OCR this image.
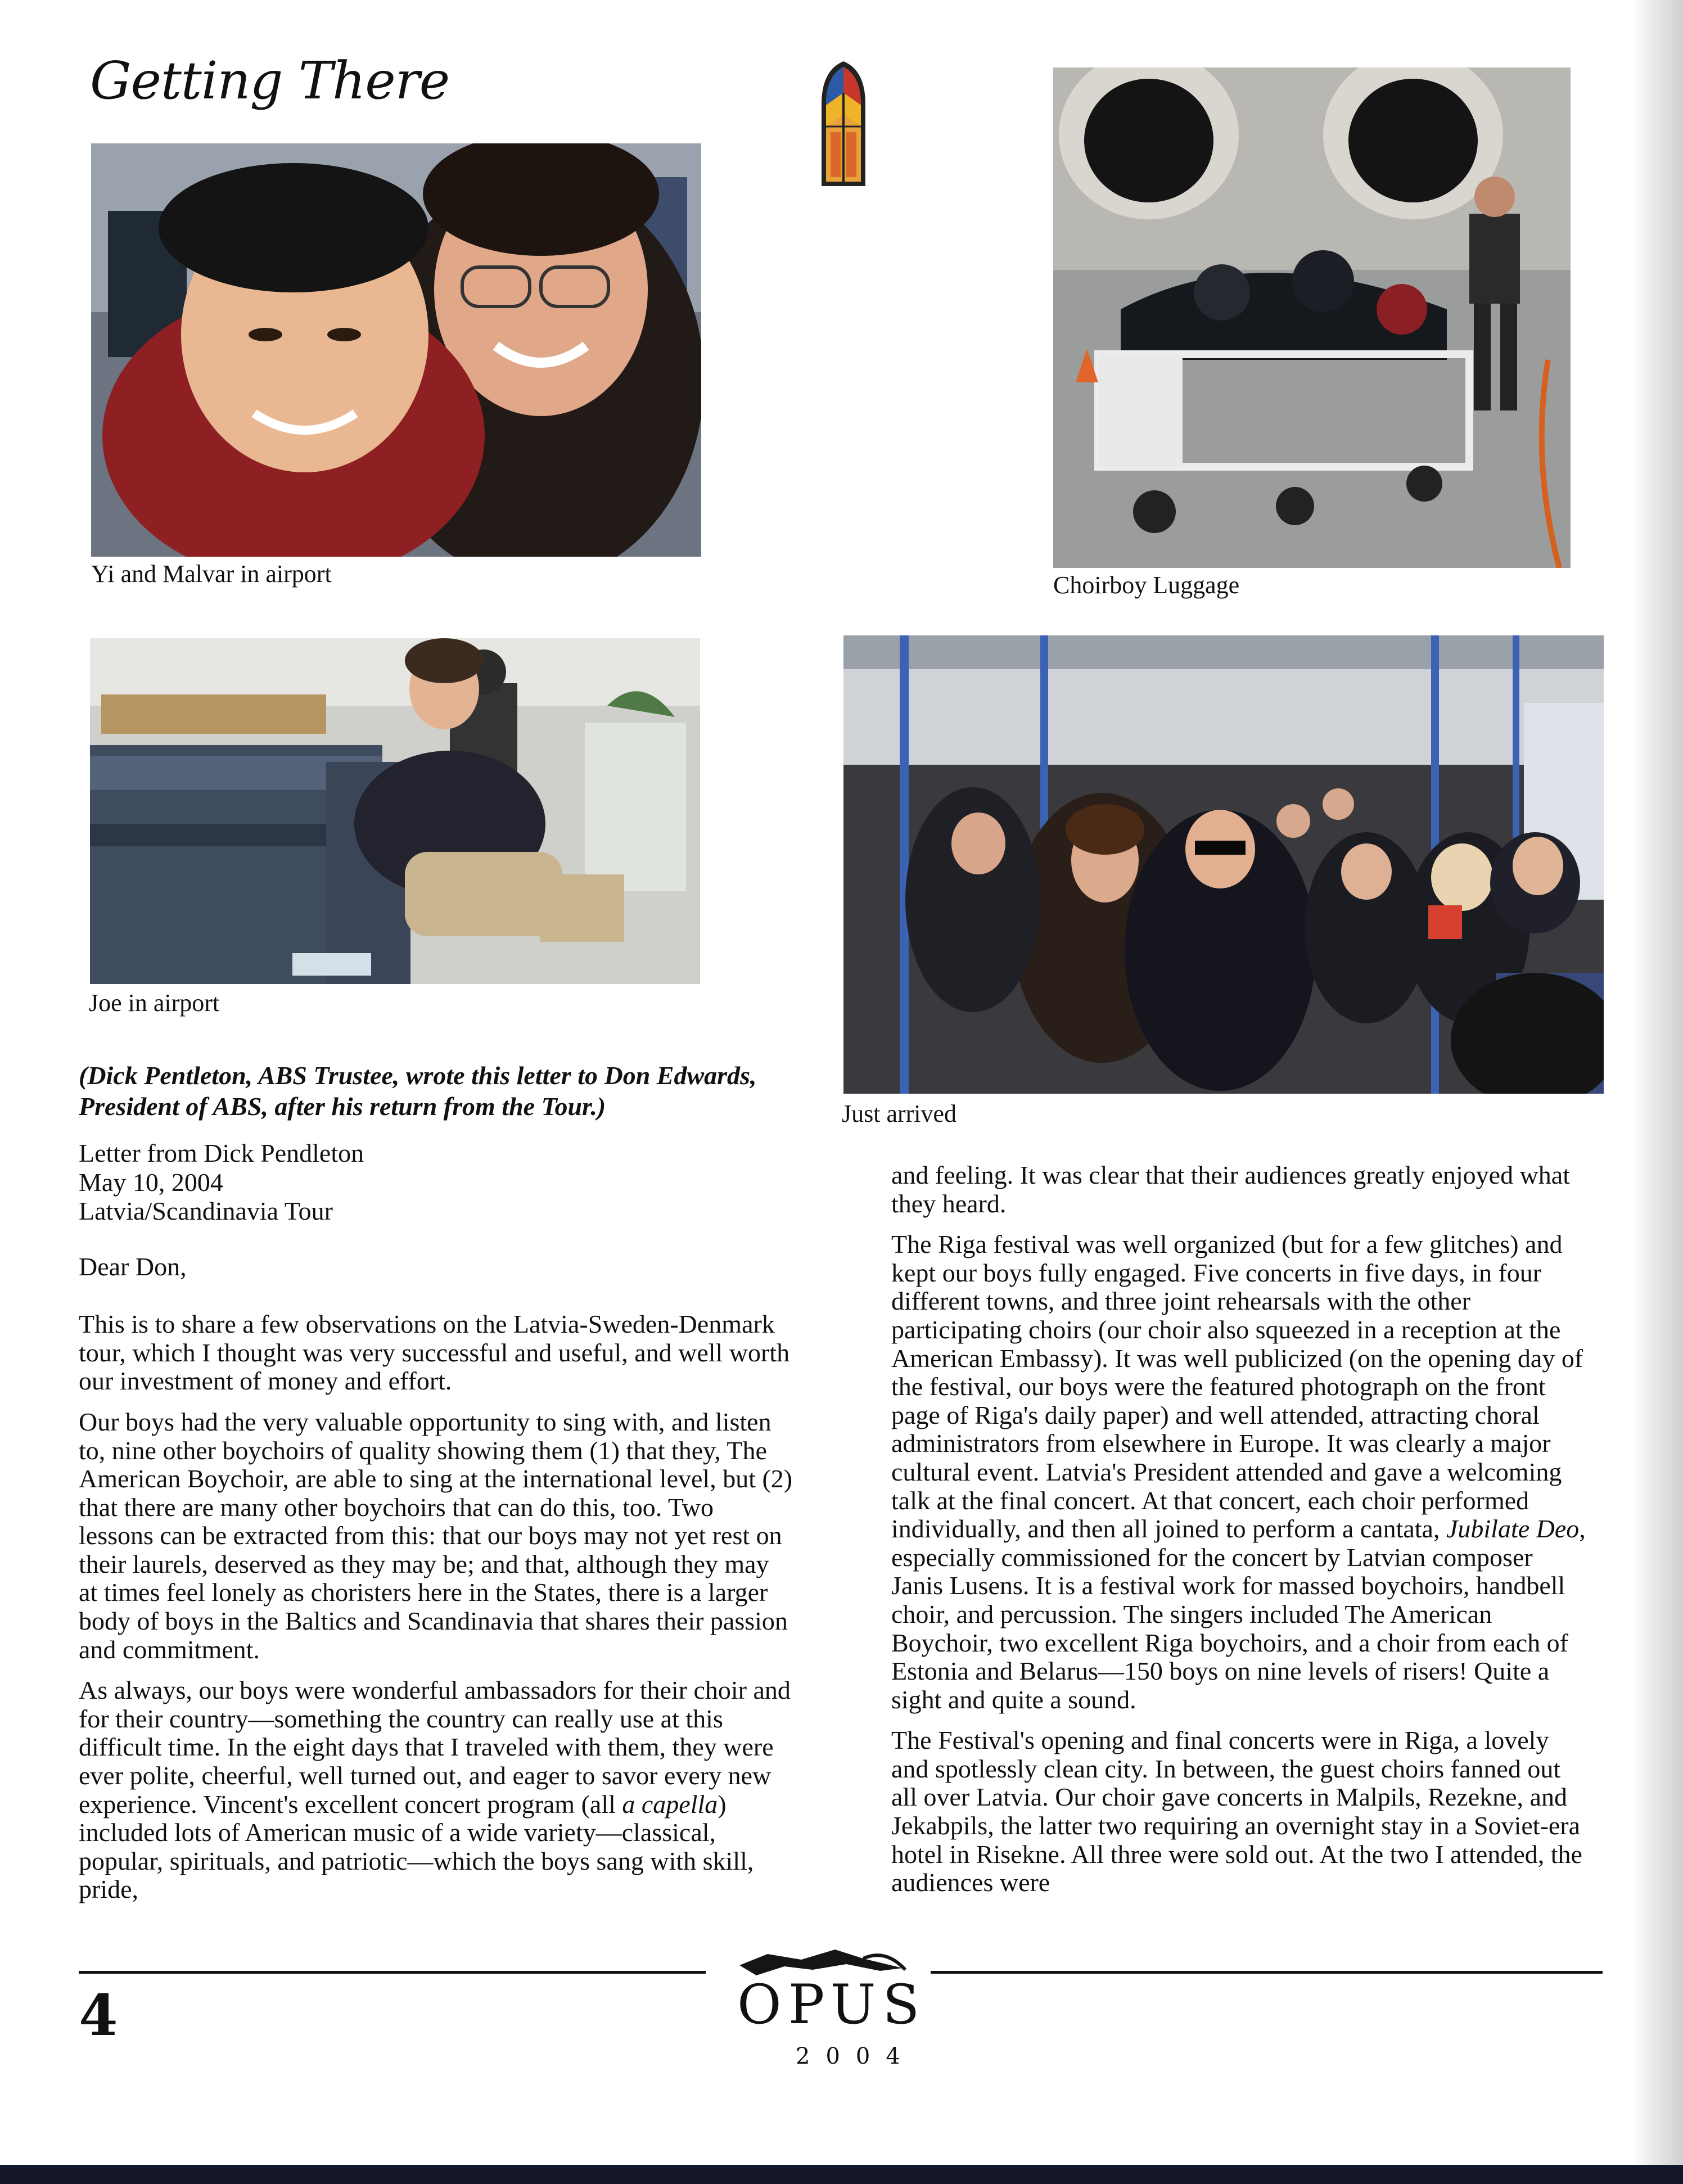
Getting There
Yi and Malvar in airport	Choirboy Luggage
Joe in airport
Just arrived
(Dick Pentleton, ABS Trustee, wrote this letter to Don Edwards, President of ABS, after his return from the Tour.)
Letter from Dick Pendleton
May 10, 2004
Latvia/Scandinavia Tour

Dear Don,

This is to share a few observations on the Latvia-Sweden-Denmark tour, which I thought was very successful and useful, and well worth our investment of money and effort.

Our boys had the very valuable opportunity to sing with, and listen to, nine other boychoirs of quality showing them (1) that they, The American Boychoir, are able to sing at the international level, but (2) that there are many other boychoirs that can do this, too. Two lessons can be extracted from this: that our boys may not yet rest on their laurels, deserved as they may be; and that, although they may at times feel lonely as choristers here in the States, there is a larger body of boys in the Baltics and Scandinavia that shares their passion and commitment.

As always, our boys were wonderful ambassadors for their choir and for their country—something the country can really use at this difficult time. In the eight days that I traveled with them, they were ever polite, cheerful, well turned out, and eager to savor every new experience. Vincent's excellent concert program (all a capella) included lots of American music of a wide variety—classical, popular, spirituals, and patriotic—which the boys sang with skill, pride,

and feeling. It was clear that their audiences greatly enjoyed what they heard.

The Riga festival was well organized (but for a few glitches) and kept our boys fully engaged. Five concerts in five days, in four different towns, and three joint rehearsals with the other participating choirs (our choir also squeezed in a reception at the American Embassy). It was well publicized (on the opening day of the festival, our boys were the featured photograph on the front page of Riga's daily paper) and well attended, attracting choral administrators from elsewhere in Europe. It was clearly a major cultural event. Latvia's President attended and gave a welcoming talk at the final concert. At that concert, each choir performed individually, and then all joined to perform a cantata, Jubilate Deo, especially commissioned for the concert by Latvian composer Janis Lusens. It is a festival work for massed boychoirs, handbell choir, and percussion. The singers included The American Boychoir, two excellent Riga boychoirs, and a choir from each of Estonia and Belarus—150 boys on nine levels of risers! Quite a sight and quite a sound.

The Festival's opening and final concerts were in Riga, a lovely and spotlessly clean city. In between, the guest choirs fanned out all over Latvia. Our choir gave concerts in Malpils, Rezekne, and Jekabpils, the latter two requiring an overnight stay in a Soviet-era hotel in Risekne. All three were sold out. At the two I attended, the audiences were

4	OPUS
2004
